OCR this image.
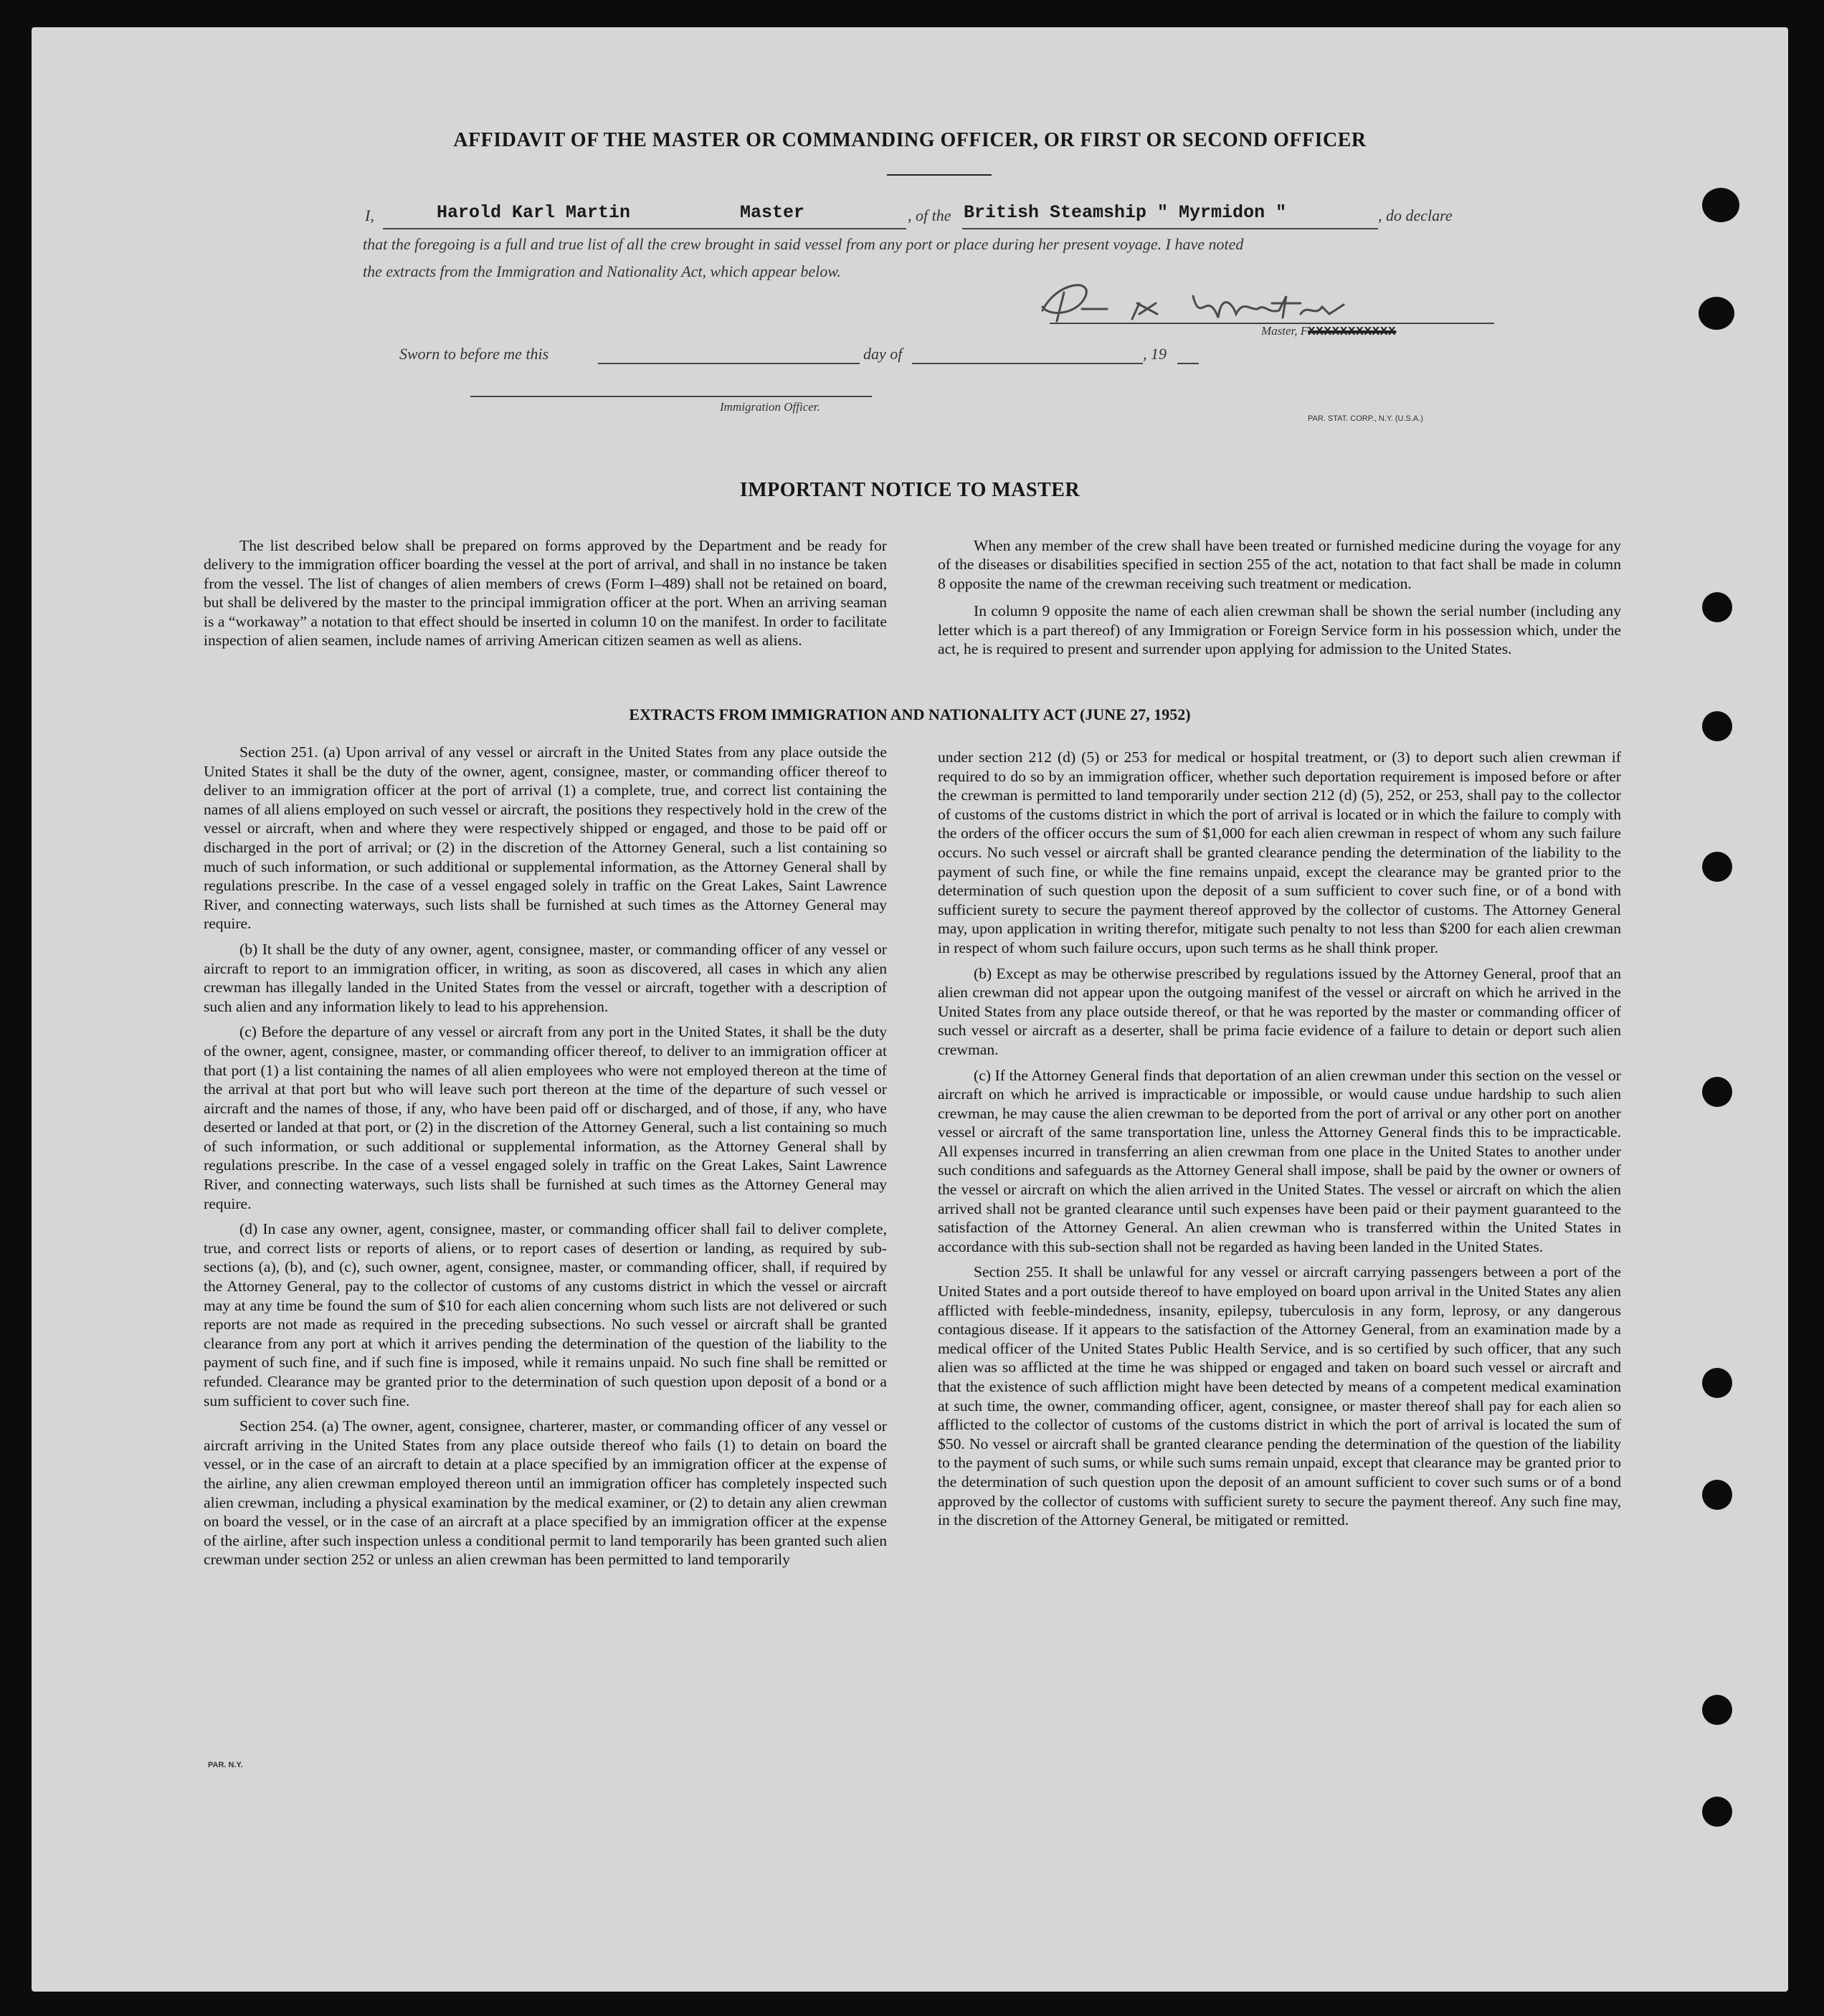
AFFIDAVIT OF THE MASTER OR COMMANDING OFFICER, OR FIRST OR SECOND OFFICER
I,	Harold Karl Martin	Master	, of the British Steamship " Myrmidon "	, do declare
that the foregoing is a full and true list of all the crew brought in said vessel from any port or place during her present voyage. I have noted
the extracts from the Immigration and Nationality Act, which appear below.
Master, FXXXXXXXXXXX
Sworn to before me this	day of	, 19
Immigration Officer.
PAR. STAT. CORP., N.Y. (U.S.A.)
IMPORTANT NOTICE TO MASTER

The list described below shall be prepared on forms approved by the Department and be ready for delivery to the immigration officer boarding the vessel at the port of arrival, and shall in no instance be taken from the vessel. The list of changes of alien members of crews (Form I–489) shall not be retained on board, but shall be delivered by the master to the principal immigration officer at the port. When an arriving seaman is a “workaway” a notation to that effect should be inserted in column 10 on the manifest. In order to facilitate inspection of alien seamen, include names of arriving American citizen seamen as well as aliens.

When any member of the crew shall have been treated or furnished medicine during the voyage for any of the diseases or disabilities specified in section 255 of the act, notation to that fact shall be made in column 8 opposite the name of the crewman receiving such treatment or medication.

In column 9 opposite the name of each alien crewman shall be shown the serial number (including any letter which is a part thereof) of any Immigration or Foreign Service form in his possession which, under the act, he is required to present and surrender upon applying for admission to the United States.

EXTRACTS FROM IMMIGRATION AND NATIONALITY ACT (JUNE 27, 1952)

Section 251. (a) Upon arrival of any vessel or aircraft in the United States from any place outside the United States it shall be the duty of the owner, agent, consignee, master, or commanding officer thereof to deliver to an immigration officer at the port of arrival (1) a complete, true, and correct list containing the names of all aliens employed on such vessel or aircraft, the positions they respectively hold in the crew of the vessel or aircraft, when and where they were respectively shipped or engaged, and those to be paid off or discharged in the port of arrival; or (2) in the discretion of the Attorney General, such a list containing so much of such information, or such additional or supplemental information, as the Attorney General shall by regulations prescribe. In the case of a vessel engaged solely in traffic on the Great Lakes, Saint Lawrence River, and connecting waterways, such lists shall be furnished at such times as the Attorney General may require.

(b) It shall be the duty of any owner, agent, consignee, master, or commanding officer of any vessel or aircraft to report to an immigration officer, in writing, as soon as discovered, all cases in which any alien crewman has illegally landed in the United States from the vessel or aircraft, together with a description of such alien and any information likely to lead to his apprehension.

(c) Before the departure of any vessel or aircraft from any port in the United States, it shall be the duty of the owner, agent, consignee, master, or commanding officer thereof, to deliver to an immigration officer at that port (1) a list containing the names of all alien employees who were not employed thereon at the time of the arrival at that port but who will leave such port thereon at the time of the departure of such vessel or aircraft and the names of those, if any, who have been paid off or discharged, and of those, if any, who have deserted or landed at that port, or (2) in the discretion of the Attorney General, such a list containing so much of such information, or such additional or supplemental information, as the Attorney General shall by regulations prescribe. In the case of a vessel engaged solely in traffic on the Great Lakes, Saint Lawrence River, and connecting waterways, such lists shall be furnished at such times as the Attorney General may require.

(d) In case any owner, agent, consignee, master, or commanding officer shall fail to deliver complete, true, and correct lists or reports of aliens, or to report cases of desertion or landing, as required by sub-sections (a), (b), and (c), such owner, agent, consignee, master, or commanding officer, shall, if required by the Attorney General, pay to the collector of customs of any customs district in which the vessel or aircraft may at any time be found the sum of $10 for each alien concerning whom such lists are not delivered or such reports are not made as required in the preceding subsections. No such vessel or aircraft shall be granted clearance from any port at which it arrives pending the determination of the question of the liability to the payment of such fine, and if such fine is imposed, while it remains unpaid. No such fine shall be remitted or refunded. Clearance may be granted prior to the determination of such question upon deposit of a bond or a sum sufficient to cover such fine.

Section 254. (a) The owner, agent, consignee, charterer, master, or commanding officer of any vessel or aircraft arriving in the United States from any place outside thereof who fails (1) to detain on board the vessel, or in the case of an aircraft to detain at a place specified by an immigration officer at the expense of the airline, any alien crewman employed thereon until an immigration officer has completely inspected such alien crewman, including a physical examination by the medical examiner, or (2) to detain any alien crewman on board the vessel, or in the case of an aircraft at a place specified by an immigration officer at the expense of the airline, after such inspection unless a conditional permit to land temporarily has been granted such alien crewman under section 252 or unless an alien crewman has been permitted to land temporarily

PAR. N.Y.

under section 212 (d) (5) or 253 for medical or hospital treatment, or (3) to deport such alien crewman if required to do so by an immigration officer, whether such deportation requirement is imposed before or after the crewman is permitted to land temporarily under section 212 (d) (5), 252, or 253, shall pay to the collector of customs of the customs district in which the port of arrival is located or in which the failure to comply with the orders of the officer occurs the sum of $1,000 for each alien crewman in respect of whom any such failure occurs. No such vessel or aircraft shall be granted clearance pending the determination of the liability to the payment of such fine, or while the fine remains unpaid, except the clearance may be granted prior to the determination of such question upon the deposit of a sum sufficient to cover such fine, or of a bond with sufficient surety to secure the payment thereof approved by the collector of customs. The Attorney General may, upon application in writing therefor, mitigate such penalty to not less than $200 for each alien crewman in respect of whom such failure occurs, upon such terms as he shall think proper.

(b) Except as may be otherwise prescribed by regulations issued by the Attorney General, proof that an alien crewman did not appear upon the outgoing manifest of the vessel or aircraft on which he arrived in the United States from any place outside thereof, or that he was reported by the master or commanding officer of such vessel or aircraft as a deserter, shall be prima facie evidence of a failure to detain or deport such alien crewman.

(c) If the Attorney General finds that deportation of an alien crewman under this section on the vessel or aircraft on which he arrived is impracticable or impossible, or would cause undue hardship to such alien crewman, he may cause the alien crewman to be deported from the port of arrival or any other port on another vessel or aircraft of the same transportation line, unless the Attorney General finds this to be impracticable. All expenses incurred in transferring an alien crewman from one place in the United States to another under such conditions and safeguards as the Attorney General shall impose, shall be paid by the owner or owners of the vessel or aircraft on which the alien arrived in the United States. The vessel or aircraft on which the alien arrived shall not be granted clearance until such expenses have been paid or their payment guaranteed to the satisfaction of the Attorney General. An alien crewman who is transferred within the United States in accordance with this sub-section shall not be regarded as having been landed in the United States.

Section 255. It shall be unlawful for any vessel or aircraft carrying passengers between a port of the United States and a port outside thereof to have employed on board upon arrival in the United States any alien afflicted with feeble-mindedness, insanity, epilepsy, tuberculosis in any form, leprosy, or any dangerous contagious disease. If it appears to the satisfaction of the Attorney General, from an examination made by a medical officer of the United States Public Health Service, and is so certified by such officer, that any such alien was so afflicted at the time he was shipped or engaged and taken on board such vessel or aircraft and that the existence of such affliction might have been detected by means of a competent medical examination at such time, the owner, commanding officer, agent, consignee, or master thereof shall pay for each alien so afflicted to the collector of customs of the customs district in which the port of arrival is located the sum of $50. No vessel or aircraft shall be granted clearance pending the determination of the question of the liability to the payment of such sums, or while such sums remain unpaid, except that clearance may be granted prior to the determination of such question upon the deposit of an amount sufficient to cover such sums or of a bond approved by the collector of customs with sufficient surety to secure the payment thereof. Any such fine may, in the discretion of the Attorney General, be mitigated or remitted.
